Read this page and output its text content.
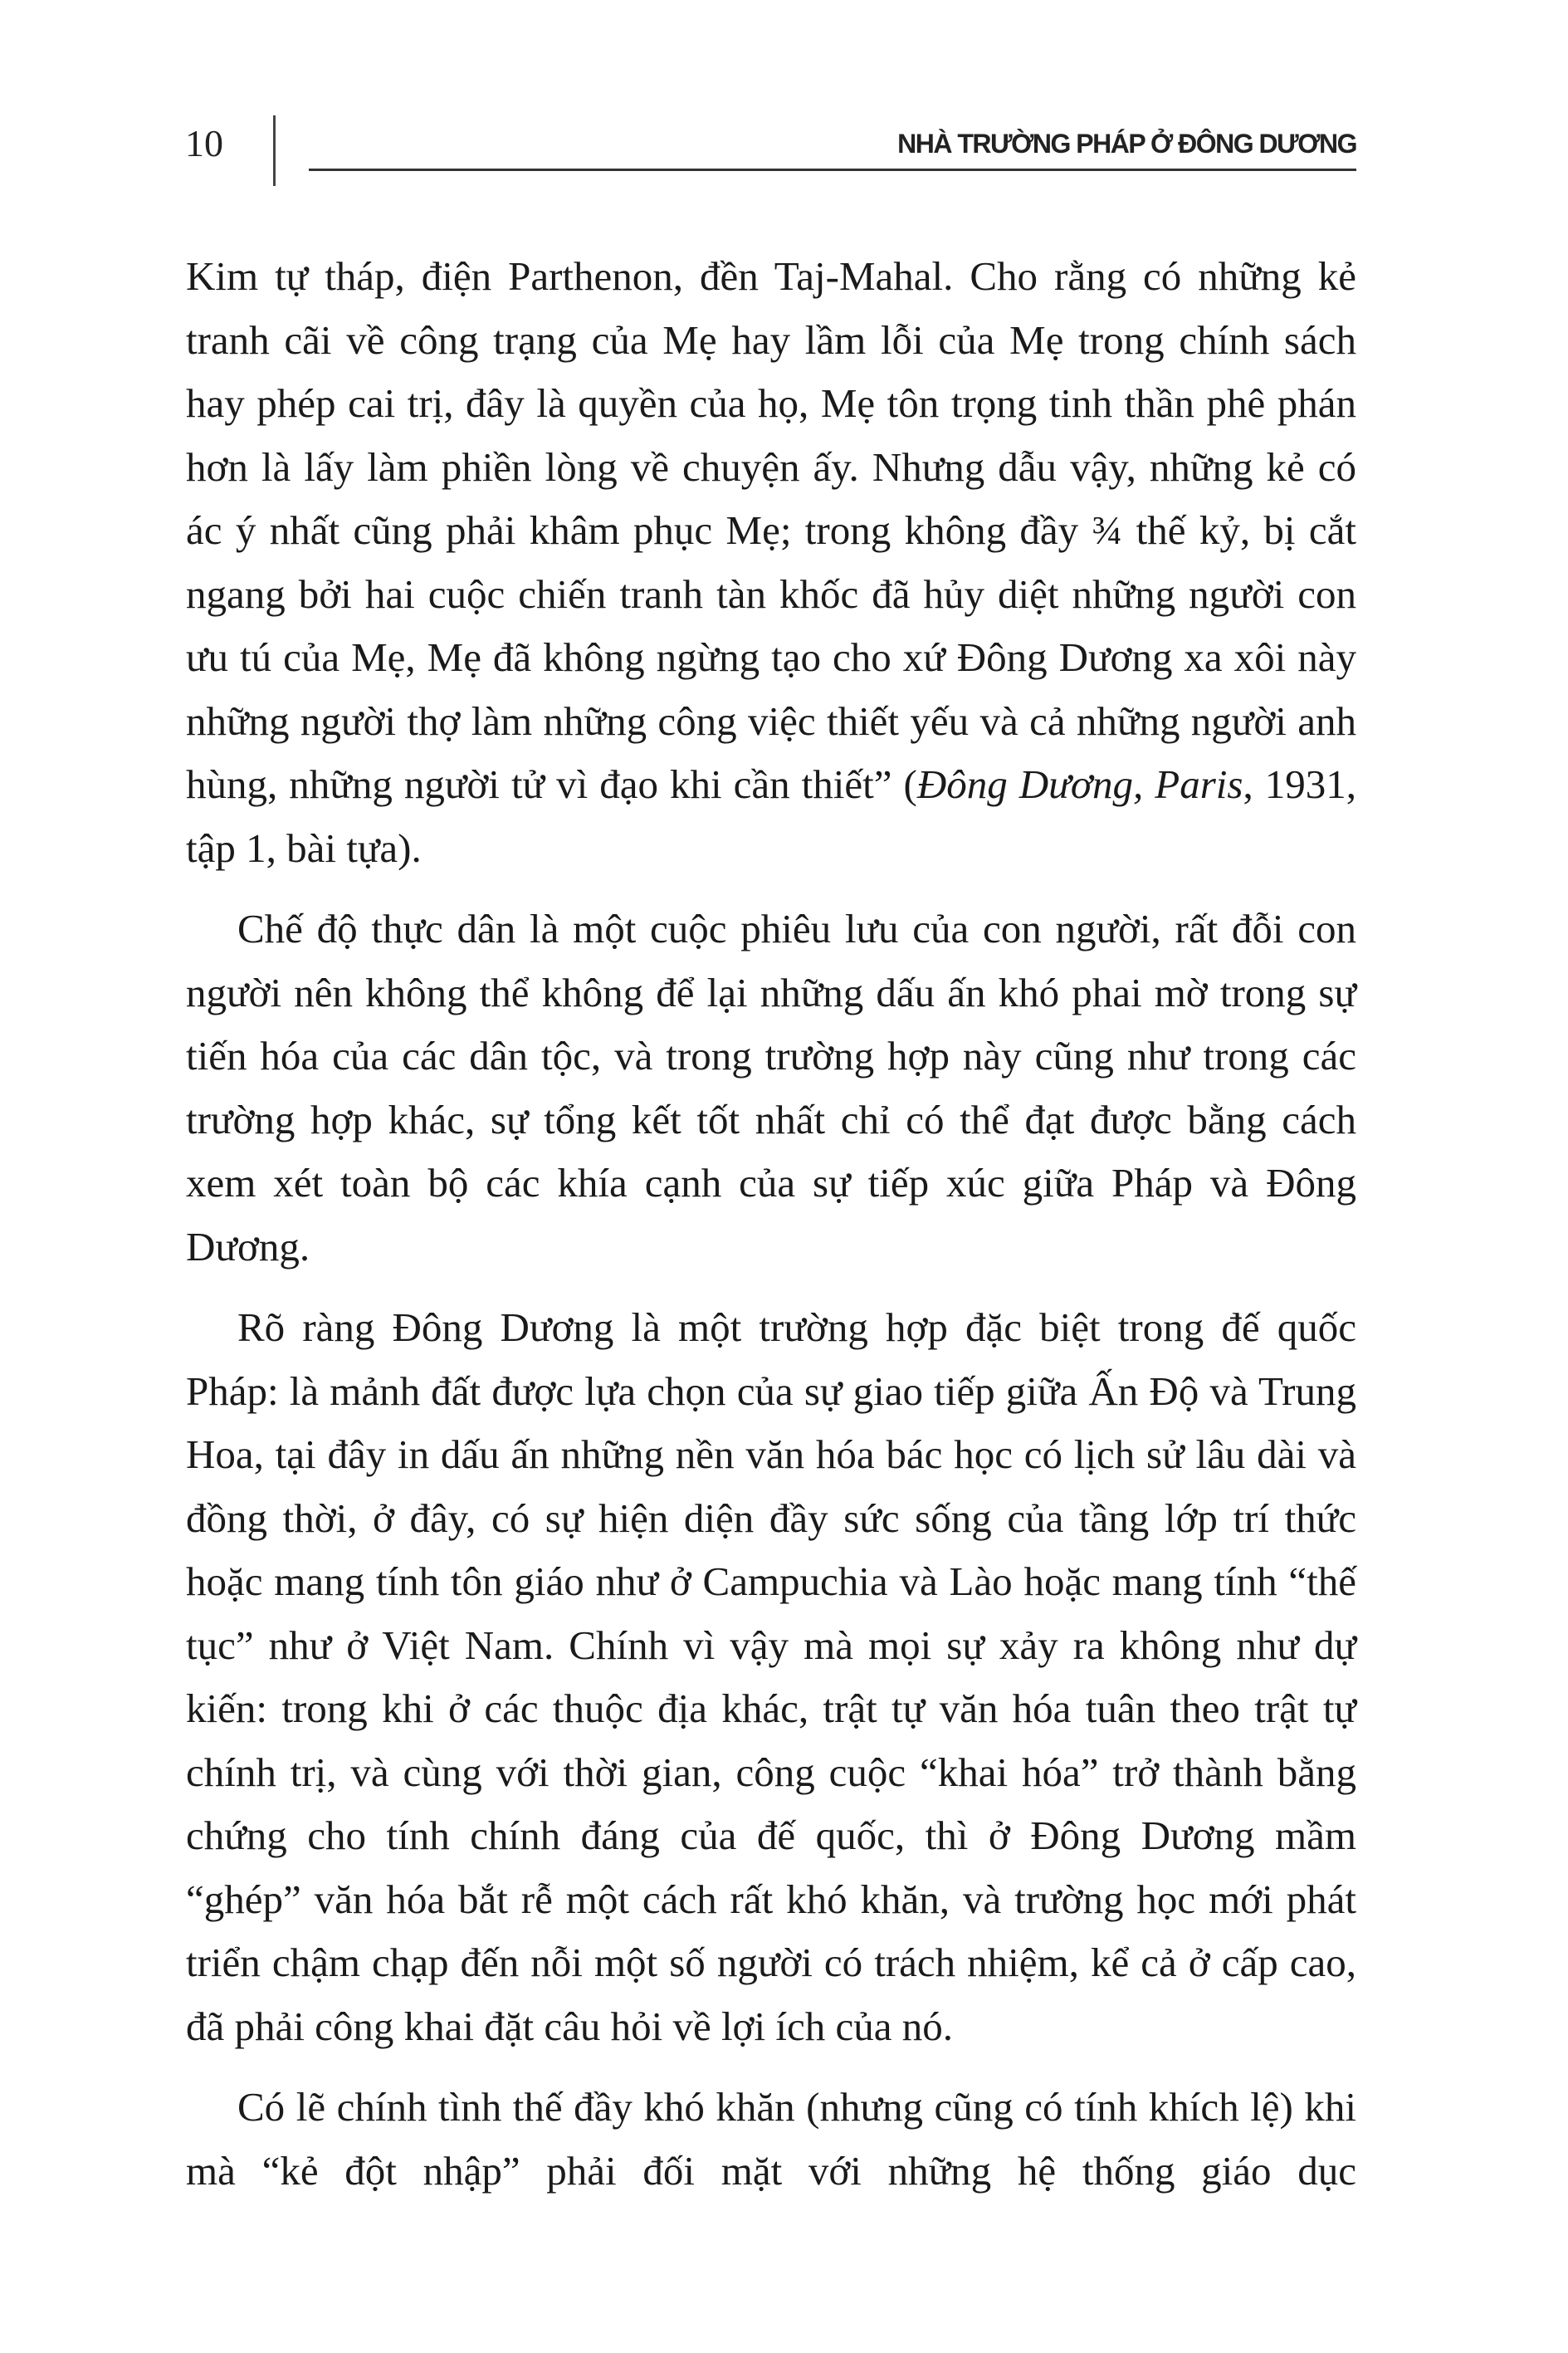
10	NHÀ TRƯỜNG PHÁP Ở ĐÔNG DƯƠNG

Kim tự tháp, điện Parthenon, đền Taj-Mahal. Cho rằng có những kẻ tranh cãi về công trạng của Mẹ hay lầm lỗi của Mẹ trong chính sách hay phép cai trị, đây là quyền của họ, Mẹ tôn trọng tinh thần phê phán hơn là lấy làm phiền lòng về chuyện ấy. Nhưng dẫu vậy, những kẻ có ác ý nhất cũng phải khâm phục Mẹ; trong không đầy ¾ thế kỷ, bị cắt ngang bởi hai cuộc chiến tranh tàn khốc đã hủy diệt những người con ưu tú của Mẹ, Mẹ đã không ngừng tạo cho xứ Đông Dương xa xôi này những người thợ làm những công việc thiết yếu và cả những người anh hùng, những người tử vì đạo khi cần thiết” (Đông Dương, Paris, 1931, tập 1, bài tựa).

Chế độ thực dân là một cuộc phiêu lưu của con người, rất đỗi con người nên không thể không để lại những dấu ấn khó phai mờ trong sự tiến hóa của các dân tộc, và trong trường hợp này cũng như trong các trường hợp khác, sự tổng kết tốt nhất chỉ có thể đạt được bằng cách xem xét toàn bộ các khía cạnh của sự tiếp xúc giữa Pháp và Đông Dương.

Rõ ràng Đông Dương là một trường hợp đặc biệt trong đế quốc Pháp: là mảnh đất được lựa chọn của sự giao tiếp giữa Ấn Độ và Trung Hoa, tại đây in dấu ấn những nền văn hóa bác học có lịch sử lâu dài và đồng thời, ở đây, có sự hiện diện đầy sức sống của tầng lớp trí thức hoặc mang tính tôn giáo như ở Campuchia và Lào hoặc mang tính “thế tục” như ở Việt Nam. Chính vì vậy mà mọi sự xảy ra không như dự kiến: trong khi ở các thuộc địa khác, trật tự văn hóa tuân theo trật tự chính trị, và cùng với thời gian, công cuộc “khai hóa” trở thành bằng chứng cho tính chính đáng của đế quốc, thì ở Đông Dương mầm “ghép” văn hóa bắt rễ một cách rất khó khăn, và trường học mới phát triển chậm chạp đến nỗi một số người có trách nhiệm, kể cả ở cấp cao, đã phải công khai đặt câu hỏi về lợi ích của nó.

Có lẽ chính tình thế đầy khó khăn (nhưng cũng có tính khích lệ) khi mà “kẻ đột nhập” phải đối mặt với những hệ thống giáo dục
